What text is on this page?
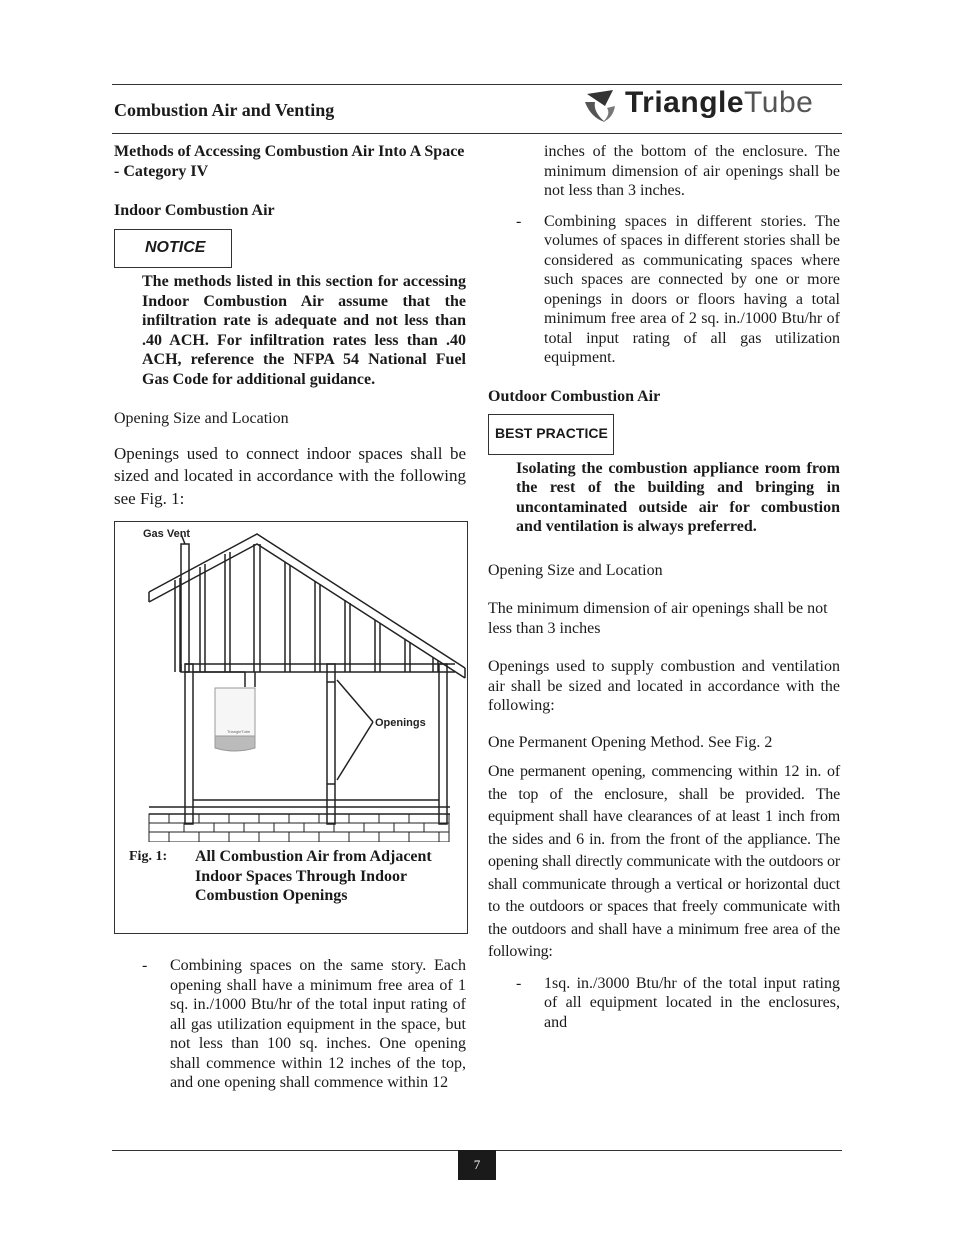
Combustion Air and Venting	TriangleTube

Methods of Accessing Combustion Air Into A Space - Category IV

Indoor Combustion Air

NOTICE

The methods listed in this section for accessing Indoor Combustion Air assume that the infiltration rate is adequate and not less than .40 ACH. For infiltration rates less than .40 ACH, reference the NFPA 54 National Fuel Gas Code for additional guidance.

Opening Size and Location

Openings used to connect indoor spaces shall be sized and located in accordance with the following see Fig. 1:

TriangleTube
Gas Vent
Openings
Fig. 1: All Combustion Air from Adjacent Indoor Spaces Through Indoor Combustion Openings
- Combining spaces on the same story. Each opening shall have a minimum free area of 1 sq. in./1000 Btu/hr of the total input rating of all gas utilization equipment in the space, but not less than 100 sq. inches. One opening shall commence within 12 inches of the top, and one opening shall commence within 12

inches of the bottom of the enclosure. The minimum dimension of air openings shall be not less than 3 inches.

- Combining spaces in different stories. The volumes of spaces in different stories shall be considered as communicating spaces where such spaces are connected by one or more openings in doors or floors having a total minimum free area of 2 sq. in./1000 Btu/hr of total input rating of all gas utilization equipment.

Outdoor Combustion Air

BEST PRACTICE

Isolating the combustion appliance room from the rest of the building and bringing in uncontaminated outside air for combustion and ventilation is always preferred.

Opening Size and Location

The minimum dimension of air openings shall be not less than 3 inches

Openings used to supply combustion and ventilation air shall be sized and located in accordance with the following:

One Permanent Opening Method. See Fig. 2

One permanent opening, commencing within 12 in. of the top of the enclosure, shall be provided. The equipment shall have clearances of at least 1 inch from the sides and 6 in. from the front of the appliance. The opening shall directly communicate with the outdoors or shall communicate through a vertical or horizontal duct to the outdoors or spaces that freely communicate with the outdoors and shall have a minimum free area of the following:

- 1sq. in./3000 Btu/hr of the total input rating of all equipment located in the enclosures, and

7
